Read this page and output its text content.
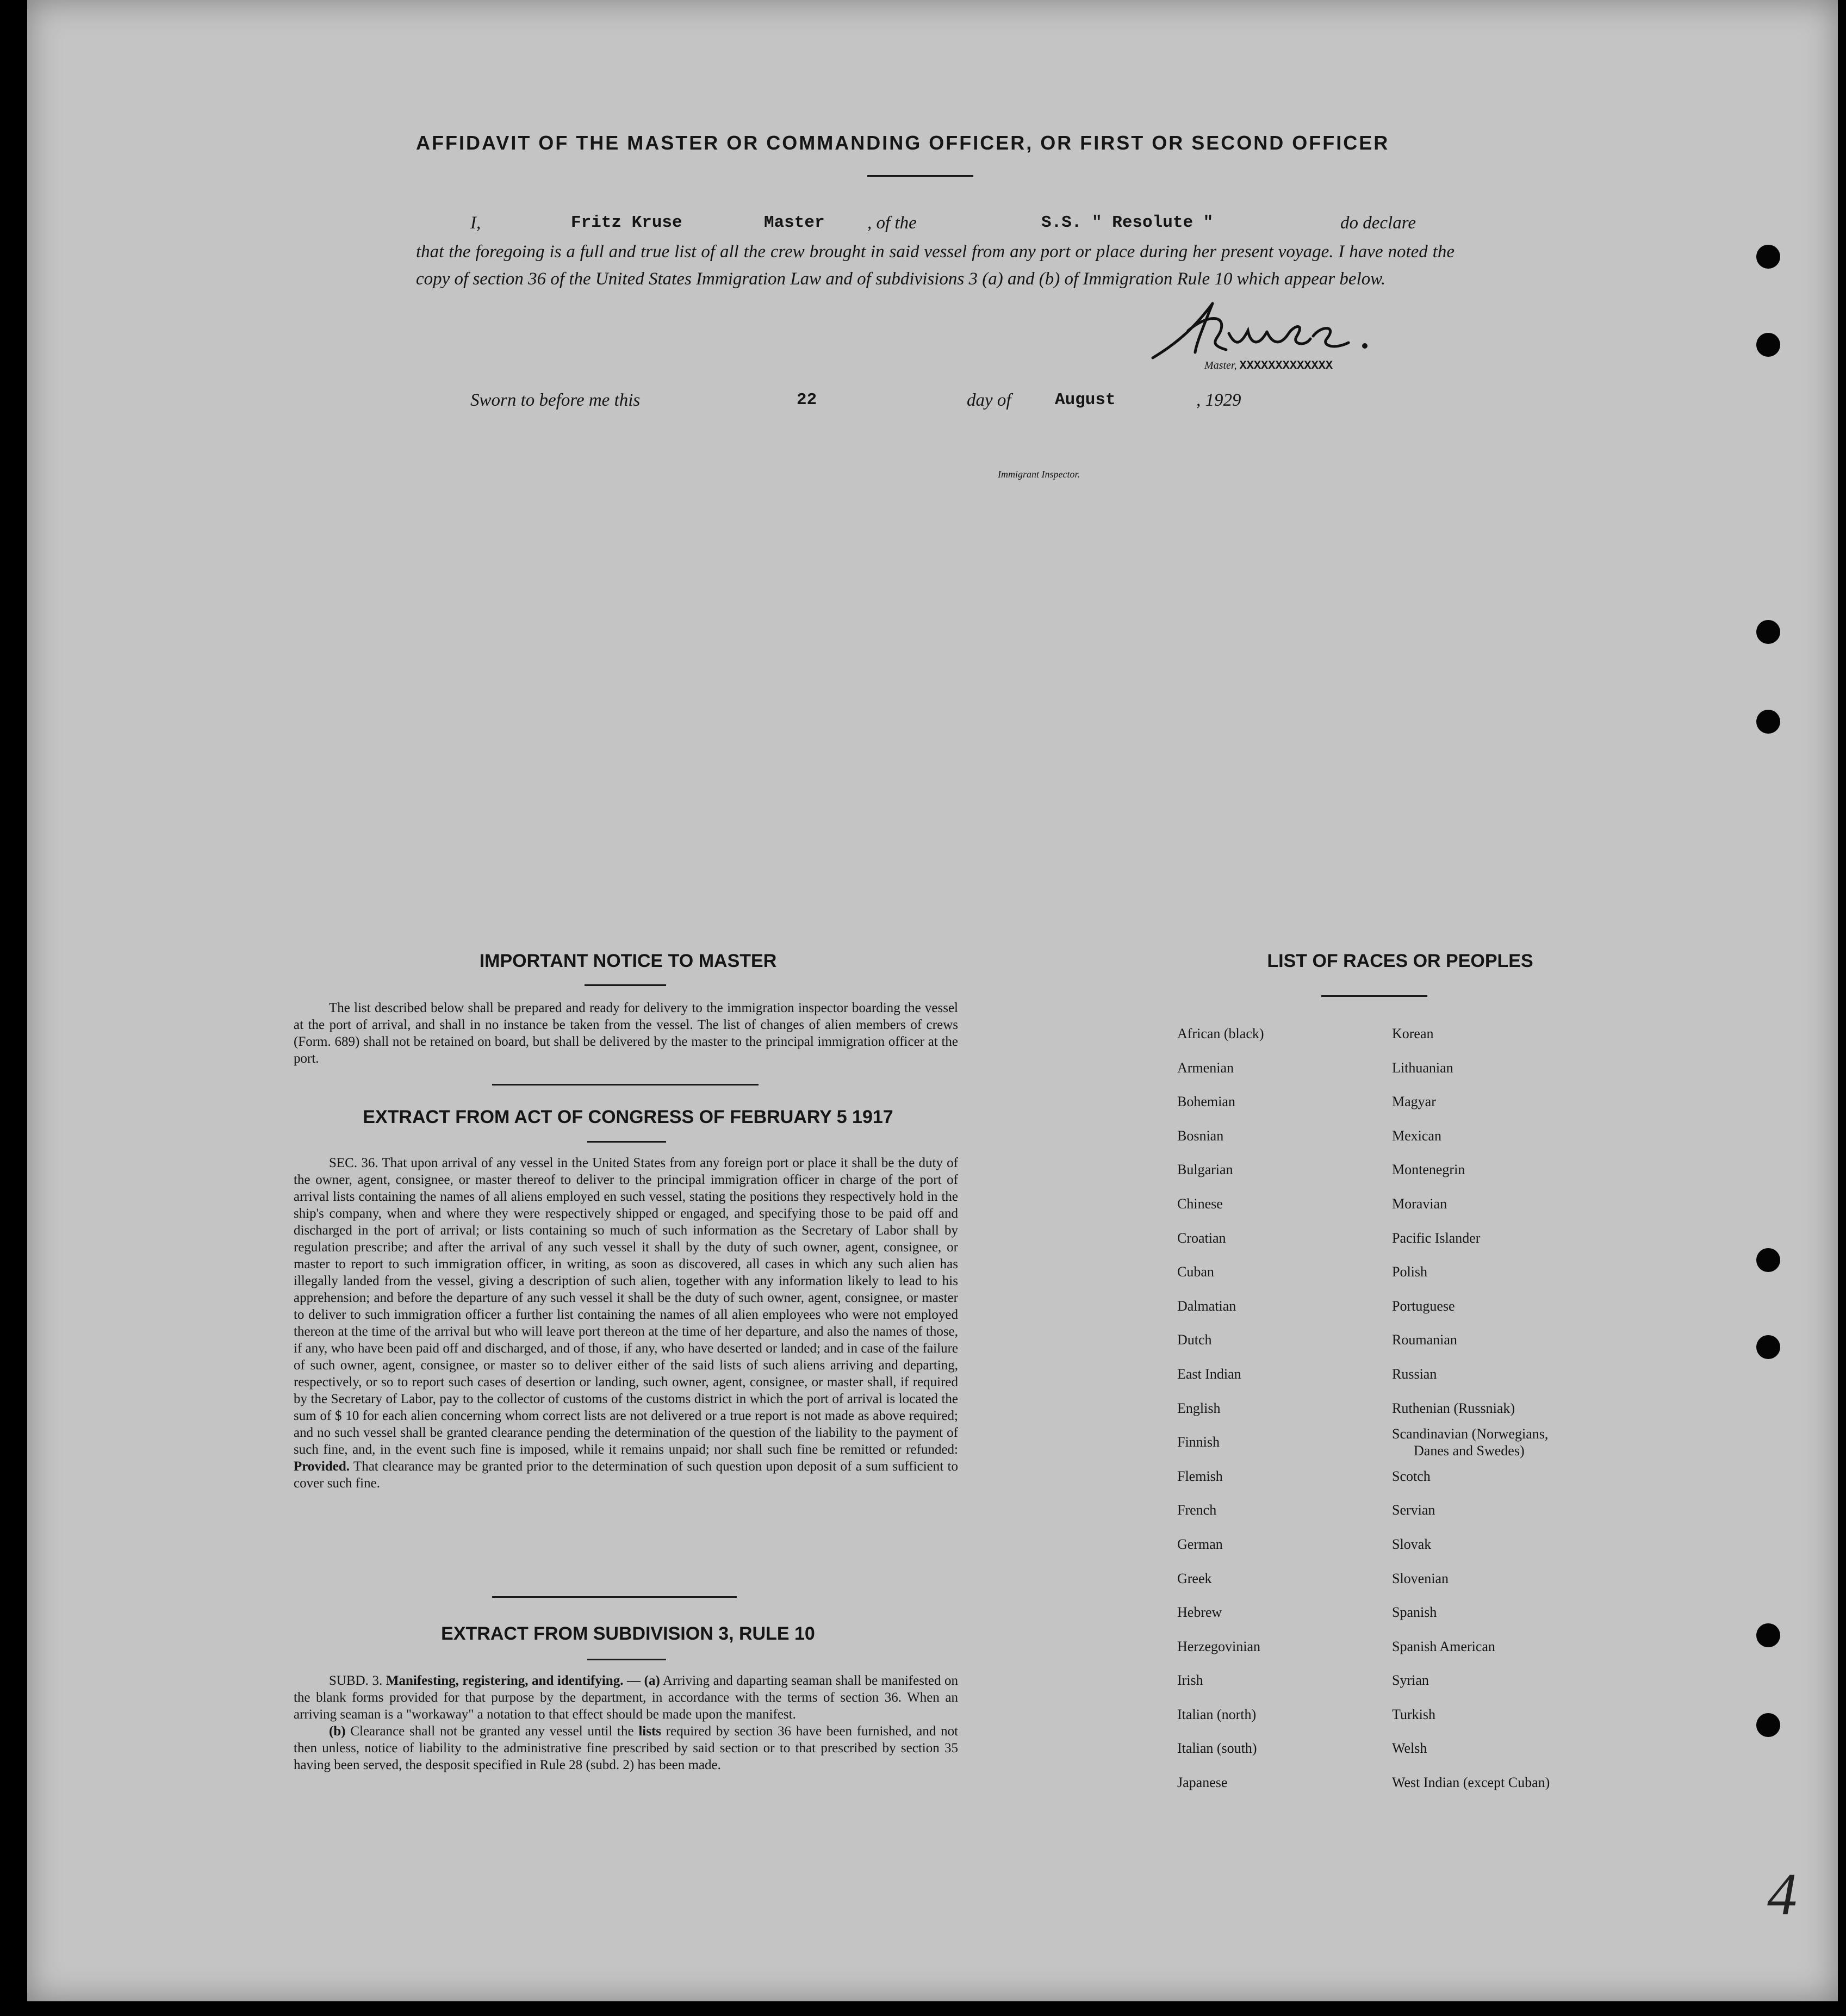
AFFIDAVIT OF THE MASTER OR COMMANDING OFFICER, OR FIRST OR SECOND OFFICER
I,	Fritz Kruse	Master , of the	S.S. " Resolute "	do declare
that the foregoing is a full and true list of all the crew brought in said vessel from any port or place during her present voyage. I have noted the copy of section 36 of the United States Immigration Law and of subdivisions 3 (a) and (b) of Immigration Rule 10 which appear below.
Kruse.
Master, XXXXXXXXXXXXX
Sworn to before me this	22	day of	August	, 1929
Immigrant Inspector.
IMPORTANT NOTICE TO MASTER

The list described below shall be prepared and ready for delivery to the immigration inspector boarding the vessel at the port of arrival, and shall in no instance be taken from the vessel. The list of changes of alien members of crews (Form. 689) shall not be retained on board, but shall be delivered by the master to the principal immigration officer at the port.

EXTRACT FROM ACT OF CONGRESS OF FEBRUARY 5 1917

SEC. 36. That upon arrival of any vessel in the United States from any foreign port or place it shall be the duty of the owner, agent, consignee, or master thereof to deliver to the principal immigration officer in charge of the port of arrival lists containing the names of all aliens employed en such vessel, stating the positions they respectively hold in the ship's company, when and where they were respectively shipped or engaged, and specifying those to be paid off and discharged in the port of arrival; or lists containing so much of such information as the Secretary of Labor shall by regulation prescribe; and after the arrival of any such vessel it shall by the duty of such owner, agent, consignee, or master to report to such immigration officer, in writing, as soon as discovered, all cases in which any such alien has illegally landed from the vessel, giving a description of such alien, together with any information likely to lead to his apprehension; and before the departure of any such vessel it shall be the duty of such owner, agent, consignee, or master to deliver to such immigration officer a further list containing the names of all alien employees who were not employed thereon at the time of the arrival but who will leave port thereon at the time of her departure, and also the names of those, if any, who have been paid off and discharged, and of those, if any, who have deserted or landed; and in case of the failure of such owner, agent, consignee, or master so to deliver either of the said lists of such aliens arriving and departing, respectively, or so to report such cases of desertion or landing, such owner, agent, consignee, or master shall, if required by the Secretary of Labor, pay to the collector of customs of the customs district in which the port of arrival is located the sum of $ 10 for each alien concerning whom correct lists are not delivered or a true report is not made as above required; and no such vessel shall be granted clearance pending the determination of the question of the liability to the payment of such fine, and, in the event such fine is imposed, while it remains unpaid; nor shall such fine be remitted or refunded: Provided. That clearance may be granted prior to the determination of such question upon deposit of a sum sufficient to cover such fine.

EXTRACT FROM SUBDIVISION 3, RULE 10

SUBD. 3. Manifesting, registering, and identifying. — (a) Arriving and daparting seaman shall be manifested on the blank forms provided for that purpose by the department, in accordance with the terms of section 36. When an arriving seaman is a "workaway" a notation to that effect should be made upon the manifest.

(b) Clearance shall not be granted any vessel until the lists required by section 36 have been furnished, and not then unless, notice of liability to the administrative fine prescribed by said section or to that prescribed by section 35 having been served, the desposit specified in Rule 28 (subd. 2) has been made.

LIST OF RACES OR PEOPLES
African (black)
Armenian
Bohemian
Bosnian
Bulgarian
Chinese
Croatian
Cuban
Dalmatian
Dutch
East Indian
English
Finnish
Flemish
French
German
Greek
Hebrew
Herzegovinian
Irish
Italian (north)
Italian (south)
Japanese
Korean
Lithuanian
Magyar
Mexican
Montenegrin
Moravian
Pacific Islander
Polish
Portuguese
Roumanian
Russian
Ruthenian (Russniak)
Scandinavian (Norwegians,
Danes and Swedes)
Scotch
Servian
Slovak
Slovenian
Spanish
Spanish American
Syrian
Turkish
Welsh
West Indian (except Cuban)
4
